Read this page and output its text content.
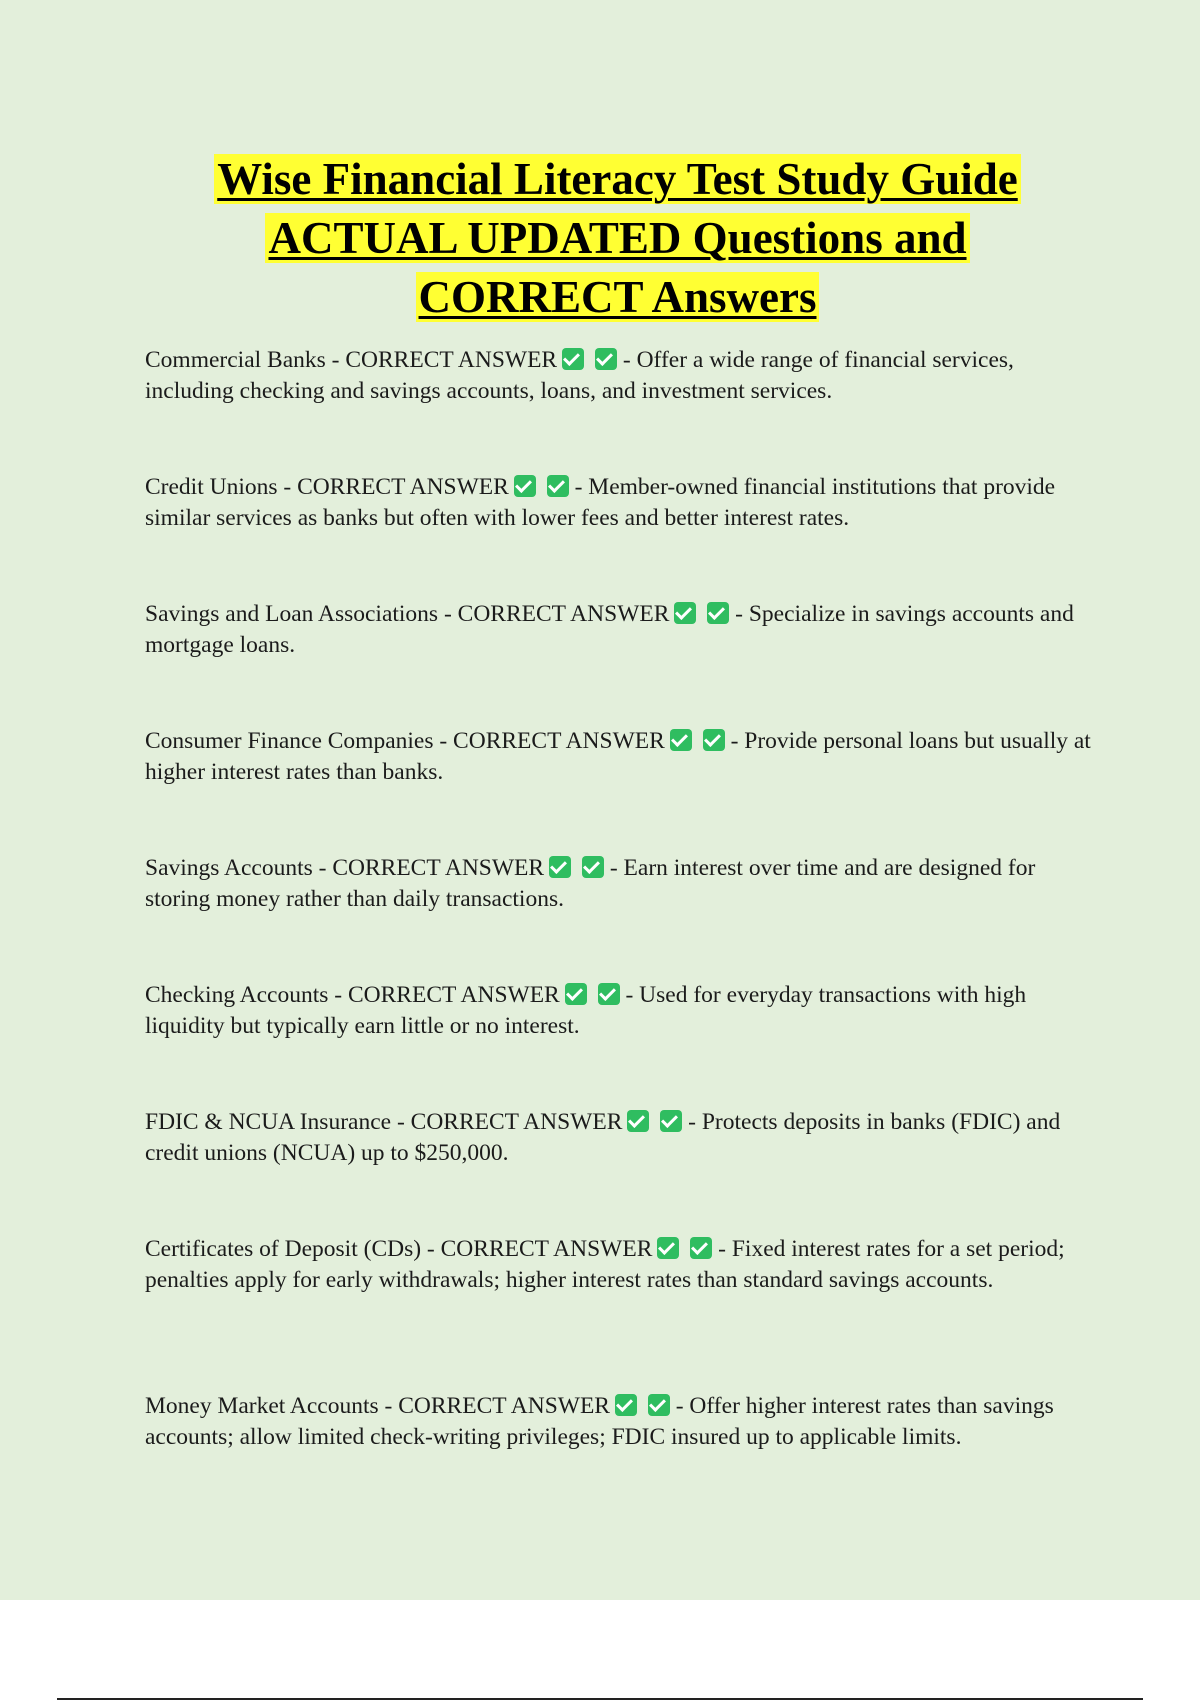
Wise Financial Literacy Test Study Guide
ACTUAL UPDATED Questions and
CORRECT Answers

Commercial Banks - CORRECT ANSWER	- Offer a wide range of financial services, including checking and savings accounts, loans, and investment services.

Credit Unions - CORRECT ANSWER	- Member-owned financial institutions that provide similar services as banks but often with lower fees and better interest rates.

Savings and Loan Associations - CORRECT ANSWER	- Specialize in savings accounts and mortgage loans.

Consumer Finance Companies - CORRECT ANSWER	- Provide personal loans but usually at higher interest rates than banks.

Savings Accounts - CORRECT ANSWER	- Earn interest over time and are designed for storing money rather than daily transactions.

Checking Accounts - CORRECT ANSWER	- Used for everyday transactions with high liquidity but typically earn little or no interest.

FDIC & NCUA Insurance - CORRECT ANSWER	- Protects deposits in banks (FDIC) and credit unions (NCUA) up to $250,000.

Certificates of Deposit (CDs) - CORRECT ANSWER	- Fixed interest rates for a set period; penalties apply for early withdrawals; higher interest rates than standard savings accounts.

Money Market Accounts - CORRECT ANSWER	- Offer higher interest rates than savings accounts; allow limited check-writing privileges; FDIC insured up to applicable limits.
